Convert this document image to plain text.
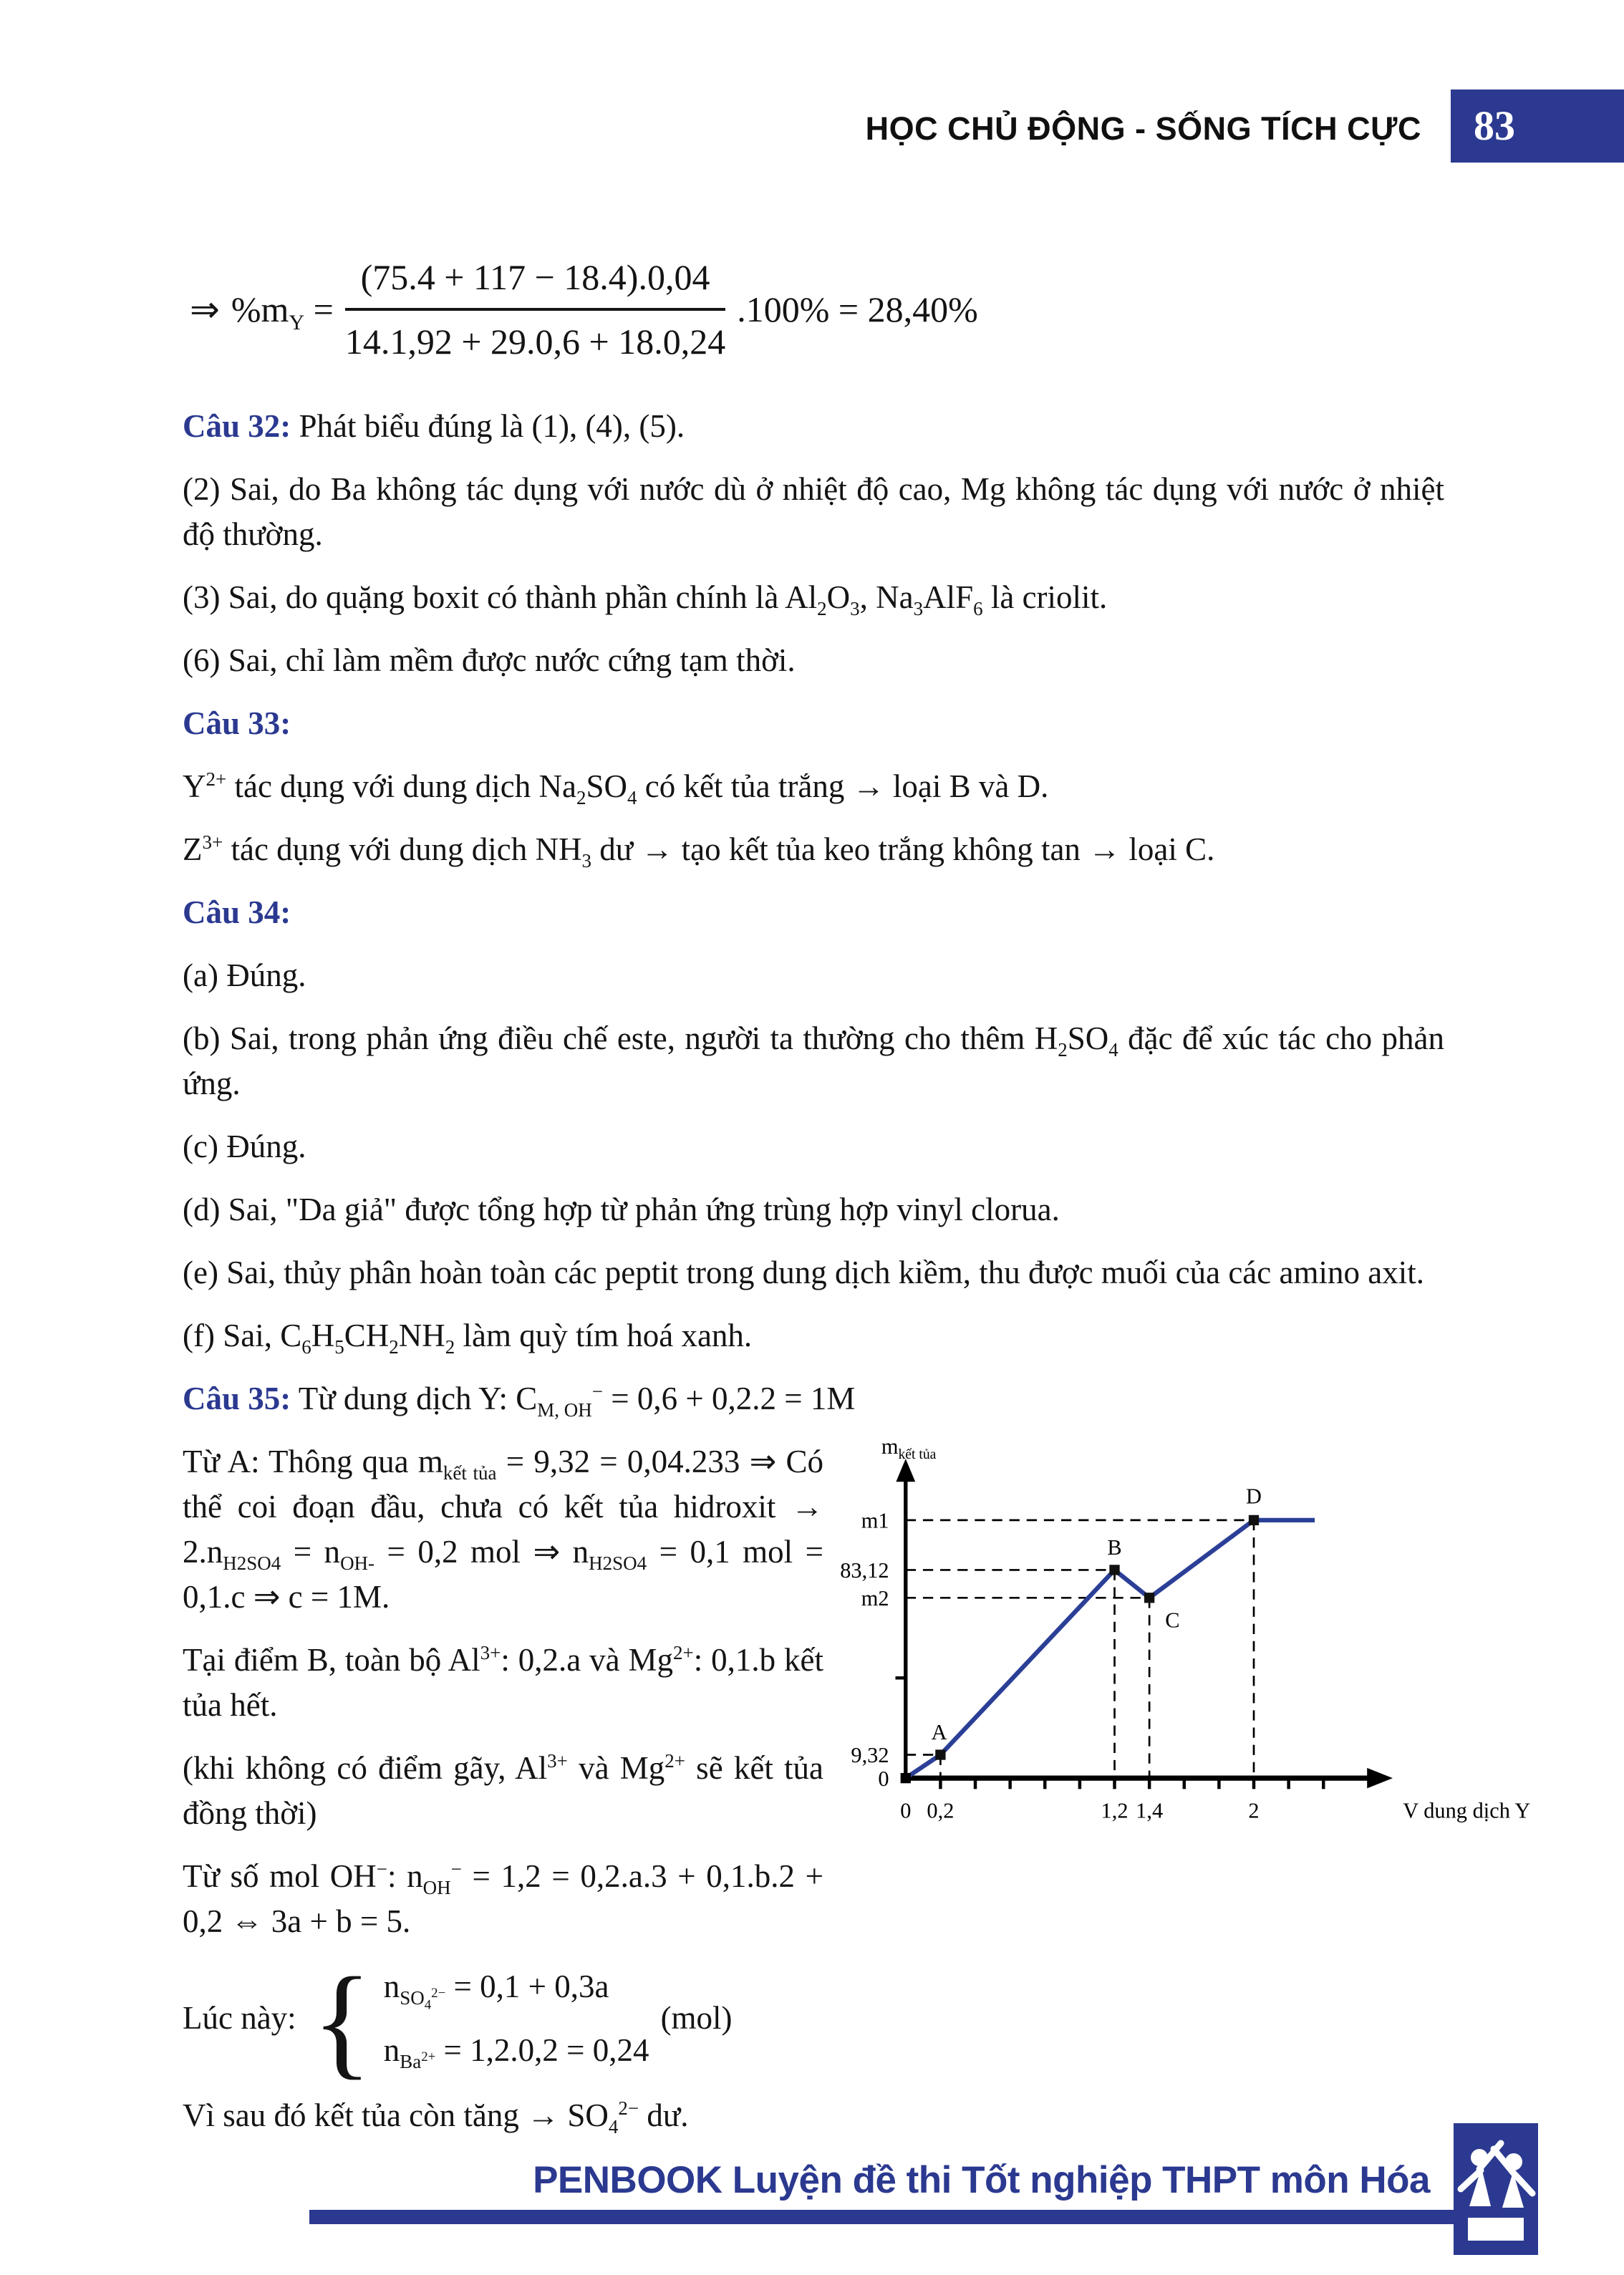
HỌC CHỦ ĐỘNG - SỐNG TÍCH CỰC 83
⇒ $\%m_Y = \frac{(75.4 + 117 - 18.4).0,04}{14.1,92 + 29.0,6 + 18.0,24} .100\% = 28,40\%$

Câu 32: Phát biểu đúng là (1), (4), (5).

(2) Sai, do Ba không tác dụng với nước dù ở nhiệt độ cao, Mg không tác dụng với nước ở nhiệt độ thường.

(3) Sai, do quặng boxit có thành phần chính là $Al_2O_3$, $Na_3AlF_6$ là criolit.

(6) Sai, chỉ làm mềm được nước cứng tạm thời.

Câu 33:

$Y^{2+}$ tác dụng với dung dịch $Na_2SO_4$ có kết tủa trắng → loại B và D.

$Z^{3+}$ tác dụng với dung dịch $NH_3$ dư → tạo kết tủa keo trắng không tan → loại C.

Câu 34:

(a) Đúng.

(b) Sai, trong phản ứng điều chế este, người ta thường cho thêm $H_2SO_4$ đặc để xúc tác cho phản ứng.

(c) Đúng.

(d) Sai, "Da giả" được tổng hợp từ phản ứng trùng hợp vinyl clorua.

(e) Sai, thủy phân hoàn toàn các peptit trong dung dịch kiềm, thu được muối của các amino axit.

(f) Sai, $C_6H_5CH_2NH_2$ làm quỳ tím hoá xanh.

Câu 35: Từ dung dịch Y: $C_{M, OH}^- = 0,6 + 0,2.2 = 1M$

Từ A: Thông qua $m_{kết tủa} = 9,32 = 0,04.233$ ⇒ Có thể coi đoạn đầu, chưa có kết tủa hidroxit → $2.n_{H2SO4} = n_{OH-} = 0,2$ mol ⇒ $n_{H2SO4} = 0,1$ mol = 0,1.c ⇒ c = 1M.

Tại điểm B, toàn bộ $Al^{3+}$: 0,2.a và $Mg^{2+}$: 0,1.b kết tủa hết.

(khi không có điểm gãy, $Al^{3+}$ và $Mg^{2+}$ sẽ kết tủa đồng thời)

Từ số mol OH−: $n_{OH}^- = 1,2 = 0,2.a.3 + 0,1.b.2 + 0,2$ ⇔ 3a + b = 5.

Lúc này: { $n_{SO_4^{2-}} = 0,1 + 0,3a$
$n_{Ba^{2+}} = 1,2.0,2 = 0,24$
(mol)

Vì sau đó kết tủa còn tăng → $SO_4^{2-}$ dư.

A
B
C
D
9,32
83,12
m2
m1
0
0 0,2	1,2 1,4	2	V dung dịch Y
$m_{kết tủa}$
PENBOOK Luyện đề thi Tốt nghiệp THPT môn Hóa
